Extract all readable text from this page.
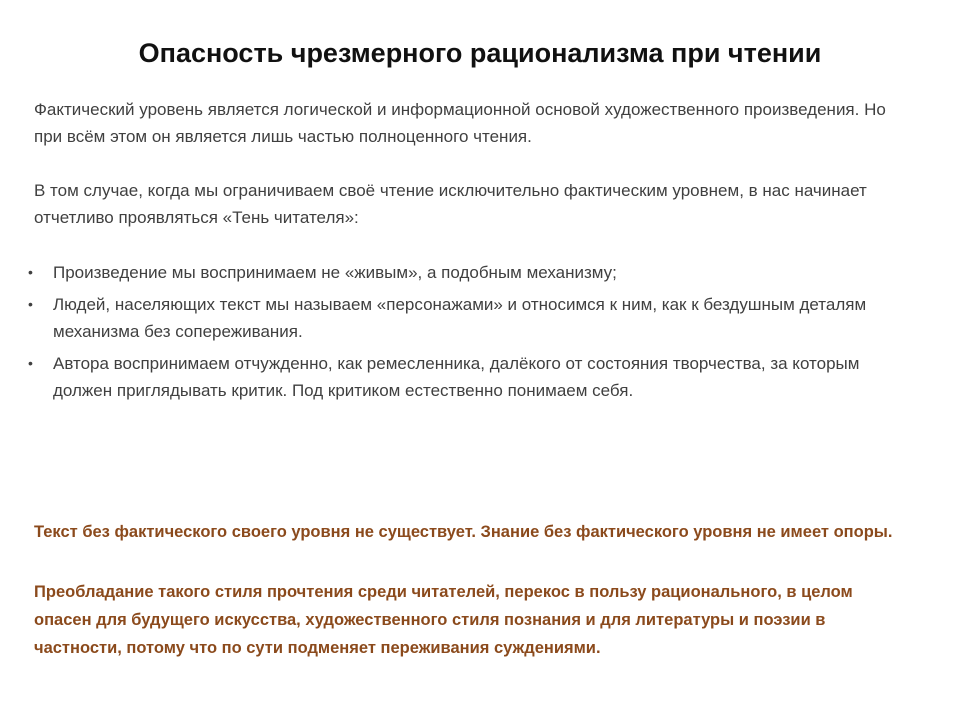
Опасность чрезмерного рационализма при чтении

Фактический уровень является логической и информационной основой художественного произведения. Но при всём этом он является лишь частью полноценного чтения.

В том случае, когда мы ограничиваем своё чтение исключительно фактическим уровнем, в нас начинает отчетливо проявляться «Тень читателя»:

• Произведение мы воспринимаем не «живым», а подобным механизму;
• Людей, населяющих текст мы называем «персонажами» и относимся к ним, как к бездушным деталям механизма без сопереживания.
• Автора воспринимаем отчужденно, как ремесленника, далёкого от состояния творчества, за которым должен приглядывать критик. Под критиком естественно понимаем себя.

Текст без фактического своего уровня не существует. Знание без фактического уровня не имеет опоры.

Преобладание такого стиля прочтения среди читателей, перекос в пользу рационального, в целом опасен для будущего искусства, художественного стиля познания и для литературы и поэзии в частности, потому что по сути подменяет переживания суждениями.
